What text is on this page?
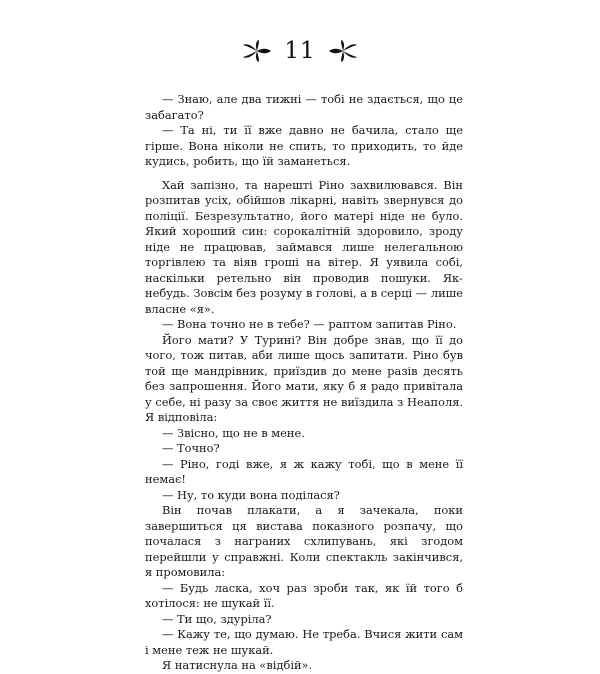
11

— Знаю, але два тижні — тобі не здається, що це забагато?

— Та ні, ти її вже давно не бачила, стало ще гірше. Вона ніколи не спить, то приходить, то йде кудись, робить, що їй заманеться.

Хай запізно, та нарешті Ріно захвилювався. Він розпитав усіх, обійшов лікарні, навіть звернувся до поліції. Безрезультатно, його матері ніде не було. Який хороший син: сорокалітній здоровило, зроду ніде не працював, займався лише нелегальною торгівлею та віяв гроші на вітер. Я уявила собі, наскільки ретельно він проводив пошуки. Як-небудь. Зовсім без розуму в голові, а в серці — лише власне «я».

— Вона точно не в тебе? — раптом запитав Ріно.

Його мати? У Турині? Він добре знав, що її до чого, тож питав, аби лише щось запитати. Ріно був той ще мандрівник, приїздив до мене разів десять без запрошення. Його мати, яку б я радо привітала у себе, ні разу за своє життя не виїздила з Неаполя. Я відповіла:

— Звісно, що не в мене.

— Точно?

— Ріно, годі вже, я ж кажу тобі, що в мене її немає!

— Ну, то куди вона поділася?

Він почав плакати, а я зачекала, поки завершиться ця вистава показного розпачу, що почалася з награних схлипувань, які згодом перейшли у справжні. Коли спектакль закінчився, я промовила:

— Будь ласка, хоч раз зроби так, як їй того б хотілося: не шукай її.

— Ти що, здуріла?

— Кажу те, що думаю. Не треба. Вчися жити сам і мене теж не шукай.

Я натиснула на «відбій».
